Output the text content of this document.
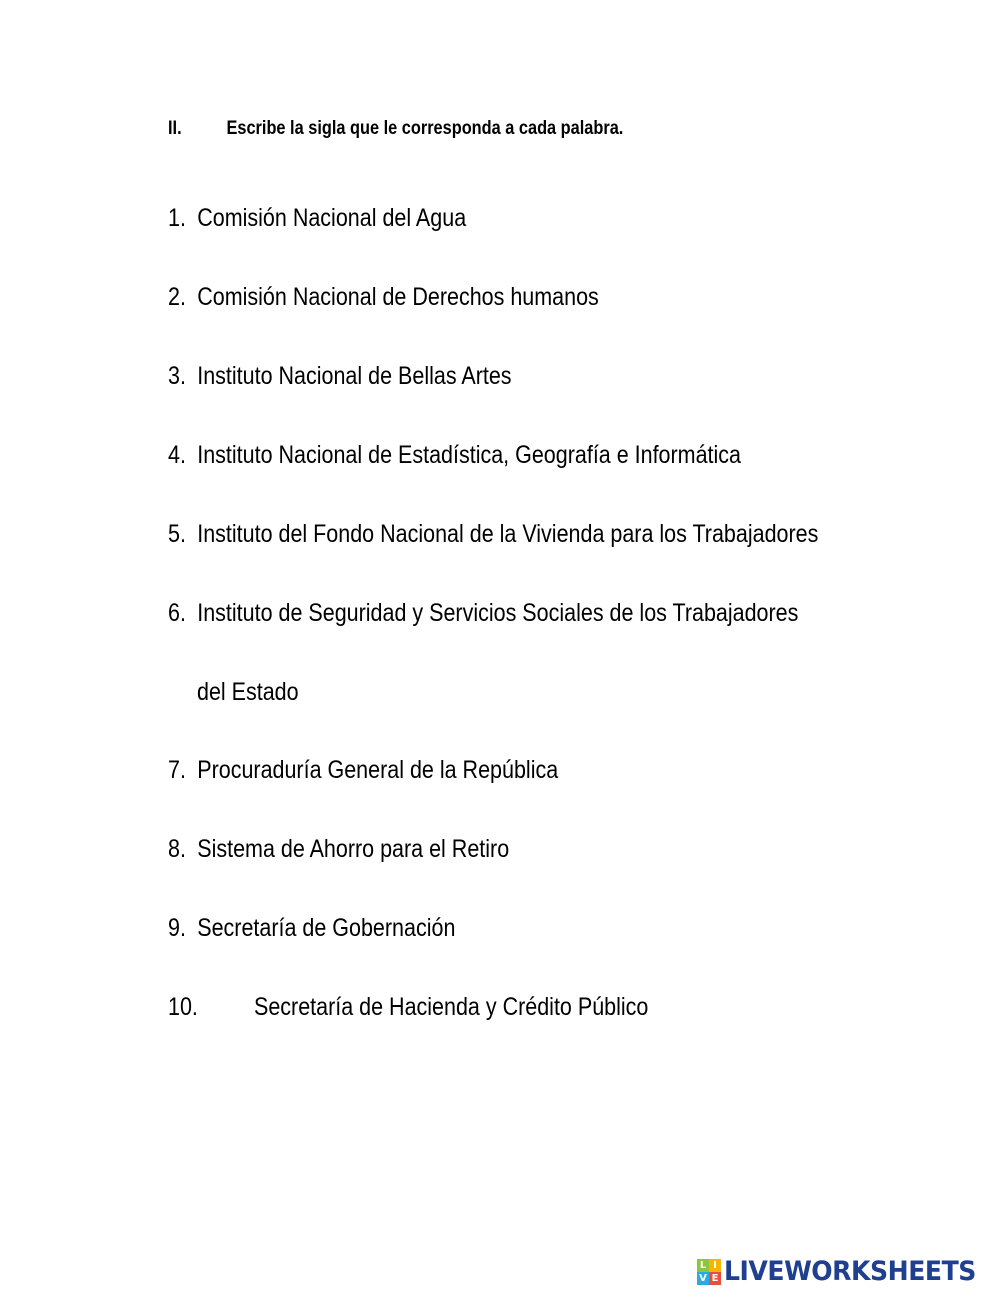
II. Escribe la sigla que le corresponda a cada palabra.
1. Comisión Nacional del Agua
2. Comisión Nacional de Derechos humanos
3. Instituto Nacional de Bellas Artes
4. Instituto Nacional de Estadística, Geografía e Informática
5. Instituto del Fondo Nacional de la Vivienda para los Trabajadores
6. Instituto de Seguridad y Servicios Sociales de los Trabajadores
del Estado
7. Procuraduría General de la República
8. Sistema de Ahorro para el Retiro
9. Secretaría de Gobernación
10. Secretaría de Hacienda y Crédito Público
L I
V E LIVEWORKSHEETS
